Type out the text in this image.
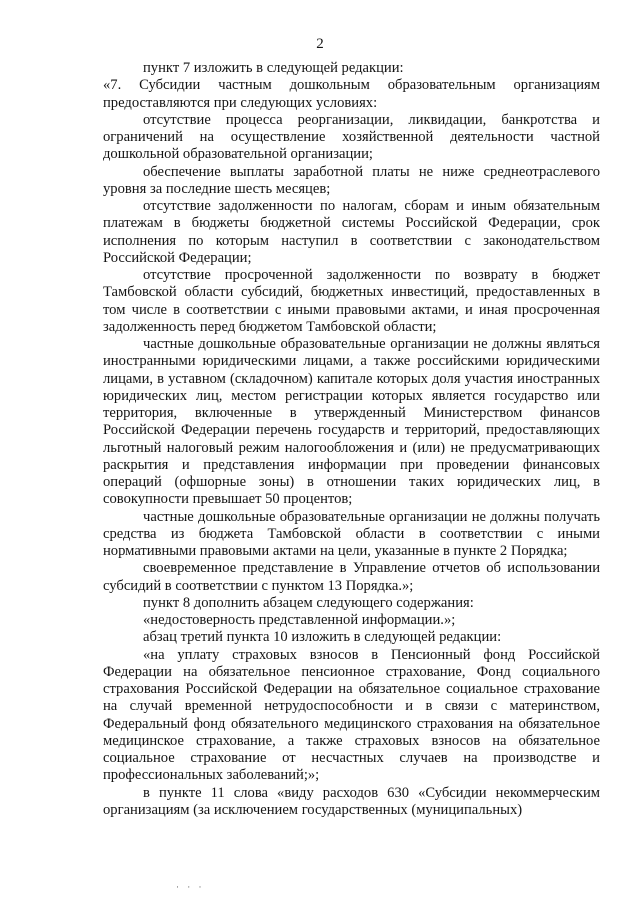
2

пункт 7 изложить в следующей редакции:

«7. Субсидии частным дошкольным образовательным организациям предоставляются при следующих условиях:

отсутствие процесса реорганизации, ликвидации, банкротства и ограничений на осуществление хозяйственной деятельности частной дошкольной образовательной организации;

обеспечение выплаты заработной платы не ниже среднеотраслевого уровня за последние шесть месяцев;

отсутствие задолженности по налогам, сборам и иным обязательным платежам в бюджеты бюджетной системы Российской Федерации, срок исполнения по которым наступил в соответствии с законодательством Российской Федерации;

отсутствие просроченной задолженности по возврату в бюджет Тамбовской области субсидий, бюджетных инвестиций, предоставленных в том числе в соответствии с иными правовыми актами, и иная просроченная задолженность перед бюджетом Тамбовской области;

частные дошкольные образовательные организации не должны являться иностранными юридическими лицами, а также российскими юридическими лицами, в уставном (складочном) капитале которых доля участия иностранных юридических лиц, местом регистрации которых является государство или территория, включенные в утвержденный Министерством финансов Российской Федерации перечень государств и территорий, предоставляющих льготный налоговый режим налогообложения и (или) не предусматривающих раскрытия и представления информации при проведении финансовых операций (офшорные зоны) в отношении таких юридических лиц, в совокупности превышает 50 процентов;

частные дошкольные образовательные организации не должны получать средства из бюджета Тамбовской области в соответствии с иными нормативными правовыми актами на цели, указанные в пункте 2 Порядка;

своевременное представление в Управление отчетов об использовании субсидий в соответствии с пунктом 13 Порядка.»;

пункт 8 дополнить абзацем следующего содержания:

«недостоверность представленной информации.»;

абзац третий пункта 10 изложить в следующей редакции:

«на уплату страховых взносов в Пенсионный фонд Российской Федерации на обязательное пенсионное страхование, Фонд социального страхования Российской Федерации на обязательное социальное страхование на случай временной нетрудоспособности и в связи с материнством, Федеральный фонд обязательного медицинского страхования на обязательное медицинское страхование, а также страховых взносов на обязательное социальное страхование от несчастных случаев на производстве и профессиональных заболеваний;»;

в пункте 11 слова «виду расходов 630 «Субсидии некоммерческим организациям (за исключением государственных (муниципальных)

· · ·
